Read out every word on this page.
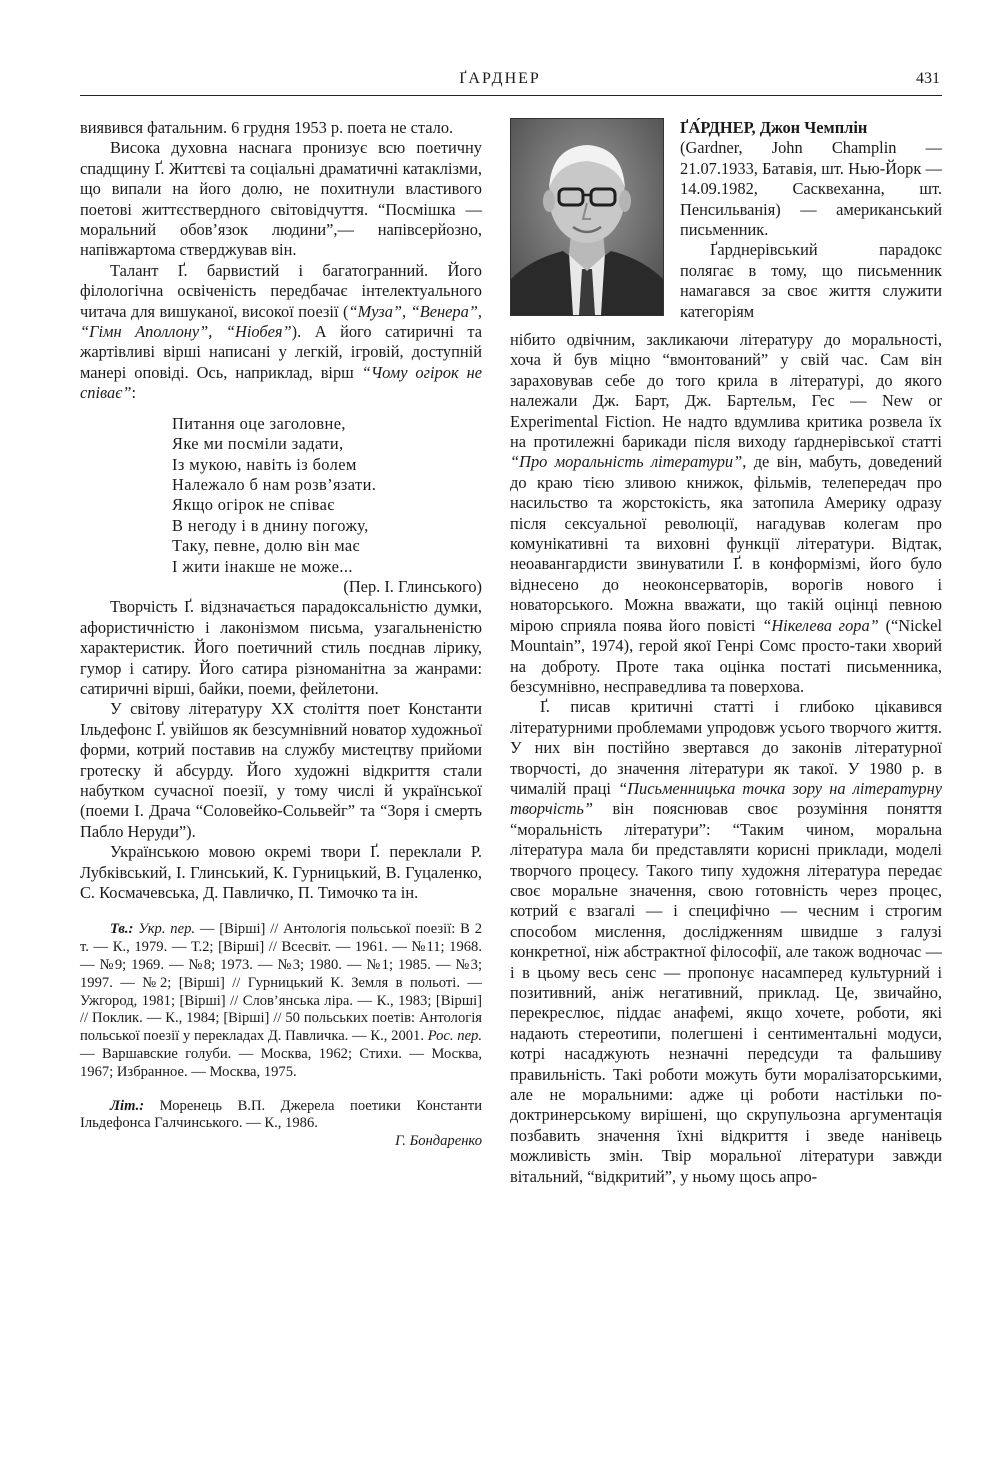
ҐАРДНЕР	431

виявився фатальним. 6 грудня 1953 р. поета не стало.

Висока духовна наснага пронизує всю поетичну спадщину Ґ. Життєві та соціальні драматичні катаклізми, що випали на його долю, не похитнули властивого поетові життєствердного світовідчуття. “Посмішка — моральний обов’язок людини”,— напівсерйозно, напівжартома стверджував він.

Талант Ґ. барвистий і багатогранний. Його філологічна освіченість передбачає інтелектуального читача для вишуканої, високої поезії (“Муза”, “Венера”, “Гімн Аполлону”, “Ніобея”). А його сатиричні та жартівливі вірші написані у легкій, ігровій, доступній манері оповіді. Ось, наприклад, вірш “Чому огірок не співає”:

Питання оце заголовне,
Яке ми посміли задати,
Із мукою, навіть із болем
Належало б нам розв’язати.
Якщо огірок не співає
В негоду і в днину погожу,
Таку, певне, долю він має
І жити інакше не може...

(Пер. І. Глинського)

Творчість Ґ. відзначається парадоксальністю думки, афористичністю і лаконізмом письма, узагальненістю характеристик. Його поетичний стиль поєднав лірику, гумор і сатиру. Його сатира різноманітна за жанрами: сатиричні вірші, байки, поеми, фейлетони.

У світову літературу ХХ століття поет Константи Ільдефонс Ґ. увійшов як безсумнівний новатор художньої форми, котрий поставив на службу мистецтву прийоми гротеску й абсурду. Його художні відкриття стали набутком сучасної поезії, у тому числі й української (поеми І. Драча “Соловейко-Сольвейг” та “Зоря і смерть Пабло Неруди”).

Українською мовою окремі твори Ґ. переклали Р. Лубківський, І. Глинський, К. Гурницький, В. Гуцаленко, С. Космачевська, Д. Павличко, П. Тимочко та ін.

Тв.: Укр. пер. — [Вірші] // Антологія польської поезії: В 2 т. — К., 1979. — Т.2; [Вірші] // Всесвіт. — 1961. — №11; 1968. — №9; 1969. — №8; 1973. — №3; 1980. — №1; 1985. — №3; 1997. — №2; [Вірші] // Гурницький К. Земля в польоті. — Ужгород, 1981; [Вірші] // Слов’янська ліра. — К., 1983; [Вірші] // Поклик. — К., 1984; [Вірші] // 50 польських поетів: Антологія польської поезії у перекладах Д. Павличка. — К., 2001. Рос. пер. — Варшавские голуби. — Москва, 1962; Стихи. — Москва, 1967; Избранное. — Москва, 1975.

Літ.: Моренець В.П. Джерела поетики Константи Ільдефонса Галчинського. — К., 1986.

Г. Бондаренко

ҐА́РДНЕР, Джон Чемплін

(Gardner, John Champlin — 21.07.1933, Батавія, шт. Нью-Йорк — 14.09.1982, Сасквеханна, шт. Пенсильванія) — американський письменник.

Ґарднерівський парадокс полягає в тому, що письменник намагався за своє життя служити категоріям

нібито одвічним, закликаючи літературу до моральності, хоча й був міцно “вмонтований” у свій час. Сам він зараховував себе до того крила в літературі, до якого належали Дж. Барт, Дж. Бартельм, Гес — New or Experimental Fiction. Не надто вдумлива критика розвела їх на протилежні барикади після виходу ґарднерівської статті “Про моральність літератури”, де він, мабуть, доведений до краю тією зливою книжок, фільмів, телепередач про насильство та жорстокість, яка затопила Америку одразу після сексуальної революції, нагадував колегам про комунікативні та виховні функції літератури. Відтак, неоавангардисти звинуватили Ґ. в конформізмі, його було віднесено до неоконсерваторів, ворогів нового і новаторського. Можна вважати, що такій оцінці певною мірою сприяла поява його повісті “Нікелева гора” (“Nickel Mountain”, 1974), герой якої Генрі Сомс просто-таки хворий на доброту. Проте така оцінка постаті письменника, безсумнівно, несправедлива та поверхова.

Ґ. писав критичні статті і глибоко цікавився літературними проблемами упродовж усього творчого життя. У них він постійно звертався до законів літературної творчості, до значення літератури як такої. У 1980 р. в чималій праці “Письменницька точка зору на літературну творчість” він пояснював своє розуміння поняття “моральність літератури”: “Таким чином, моральна література мала би представляти корисні приклади, моделі творчого процесу. Такого типу художня література передає своє моральне значення, свою готовність через процес, котрий є взагалі — і специфічно — чесним і строгим способом мислення, дослідженням швидше з галузі конкретної, ніж абстрактної філософії, але також водночас — і в цьому весь сенс — пропонує насамперед культурний і позитивний, аніж негативний, приклад. Це, звичайно, перекреслює, піддає анафемі, якщо хочете, роботи, які надають стереотипи, полегшені і сентиментальні модуси, котрі насаджують незначні передсуди та фальшиву правильність. Такі роботи можуть бути моралізаторськими, але не моральними: адже ці роботи настільки по-доктринерському вирішені, що скрупульозна аргументація позбавить значення їхні відкриття і зведе нанівець можливість змін. Твір моральної літератури завжди вітальний, “відкритий”, у ньому щось апро-
